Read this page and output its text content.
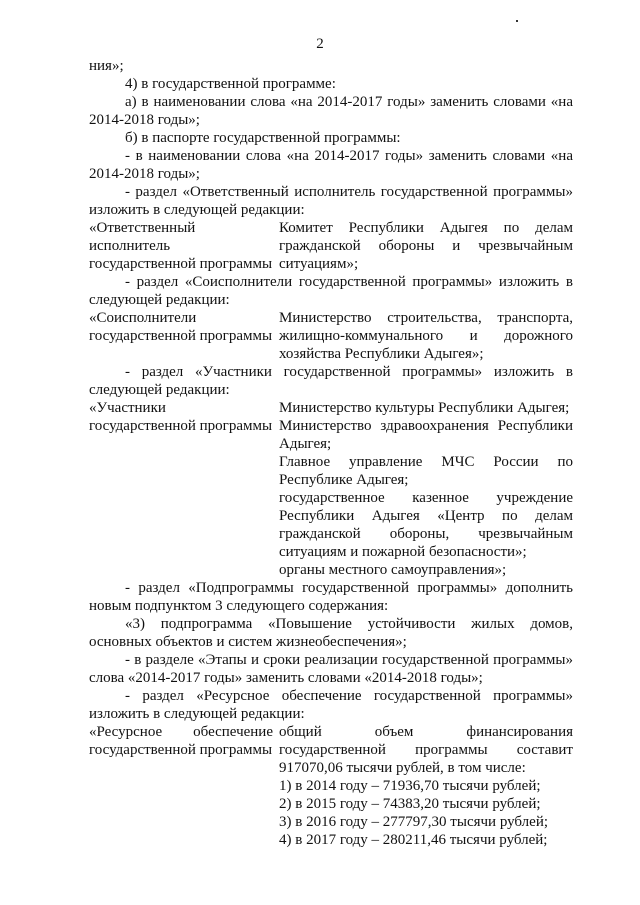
2

ния»;

4) в государственной программе:

а) в наименовании слова «на 2014-2017 годы» заменить словами «на 2014-2018 годы»;

б) в паспорте государственной программы:

- в наименовании слова «на 2014-2017 годы» заменить словами «на 2014-2018 годы»;

- раздел «Ответственный исполнитель государственной программы» изложить в следующей редакции:

«Ответственный исполнитель государственной программы

Комитет Республики Адыгея по делам гражданской обороны и чрезвычайным ситуациям»;

- раздел «Соисполнители государственной программы» изложить в следующей редакции:

«Соисполнители государственной программы

Министерство строительства, транспорта, жилищно-коммунального и дорожного хозяйства Республики Адыгея»;

- раздел «Участники государственной программы» изложить в следующей редакции:

«Участники государственной программы

Министерство культуры Республики Адыгея;

Министерство здравоохранения Республики Адыгея;

Главное управление МЧС России по Республике Адыгея;

государственное казенное учреждение Республики Адыгея «Центр по делам гражданской обороны, чрезвычайным ситуациям и пожарной безопасности»;

органы местного самоуправления»;

- раздел «Подпрограммы государственной программы» дополнить новым подпунктом 3 следующего содержания:

«3) подпрограмма «Повышение устойчивости жилых домов, основных объектов и систем жизнеобеспечения»;

- в разделе «Этапы и сроки реализации государственной программы» слова «2014-2017 годы» заменить словами «2014-2018 годы»;

- раздел «Ресурсное обеспечение государственной программы» изложить в следующей редакции:

«Ресурсное обеспечение государственной программы

общий объем финансирования государственной программы составит 917070,06 тысячи рублей, в том числе:

1) в 2014 году – 71936,70 тысячи рублей;

2) в 2015 году – 74383,20 тысячи рублей;

3) в 2016 году – 277797,30 тысячи рублей;

4) в 2017 году – 280211,46 тысячи рублей;
